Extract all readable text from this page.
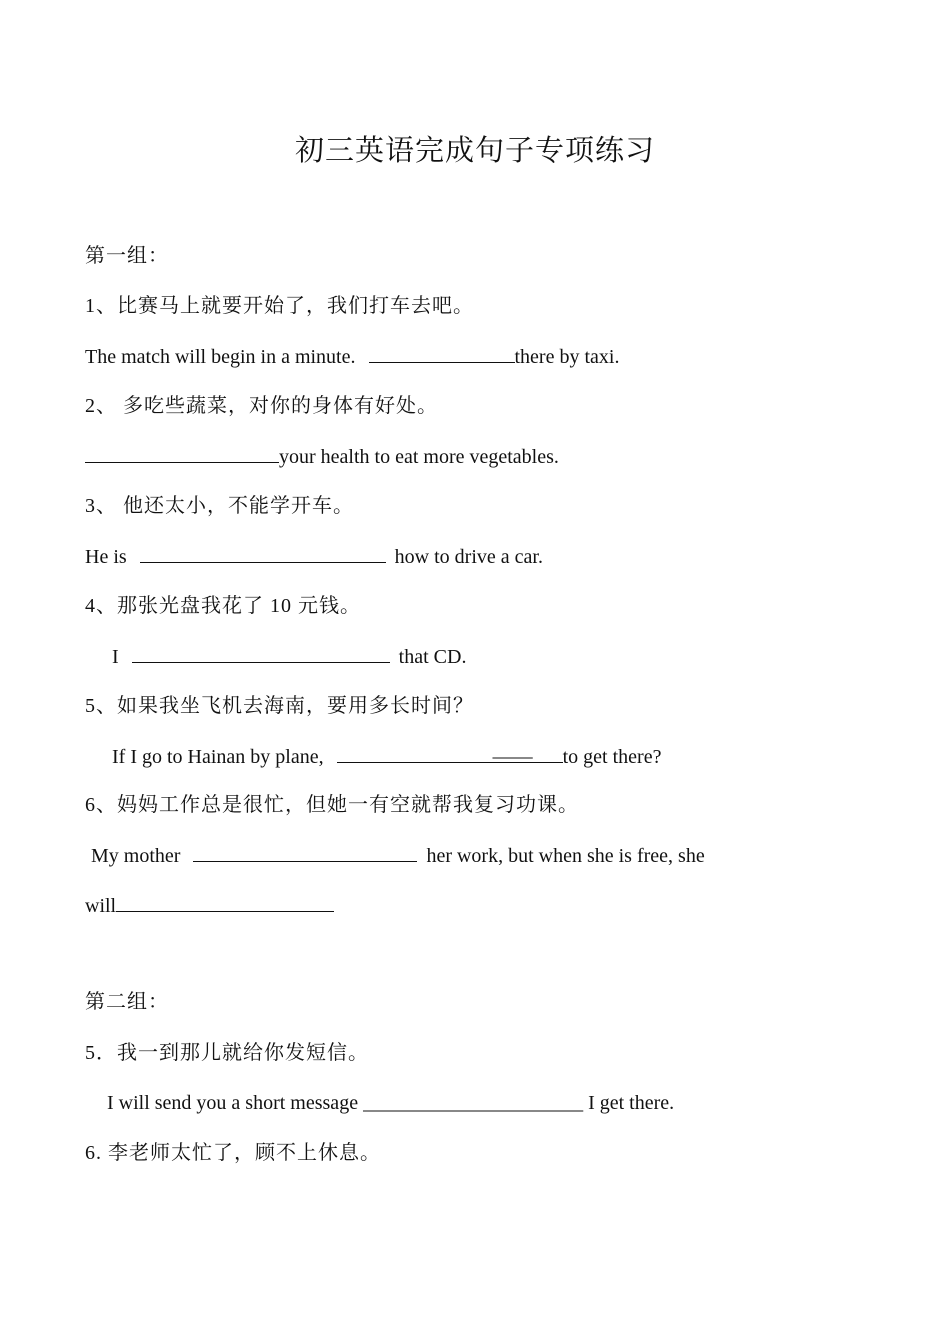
初三英语完成句子专项练习
第一组：
1、比赛马上就要开始了，我们打车去吧。
The match will begin in a minute.	there by taxi.
2、 多吃些蔬菜，对你的身体有好处。
your health to eat more vegetables.
3、 他还太小，不能学开车。
He is	how to drive a car.
4、那张光盘我花了 10 元钱。
I	that CD.
5、如果我坐飞机去海南，要用多长时间？
If I go to Hainan by plane,	____ to get there?
6、妈妈工作总是很忙，但她一有空就帮我复习功课。
My mother	her work, but when she is free, she
will
第二组：
5．我一到那儿就给你发短信。
I will send you a short message ______________________ I get there.
6. 李老师太忙了，顾不上休息。
